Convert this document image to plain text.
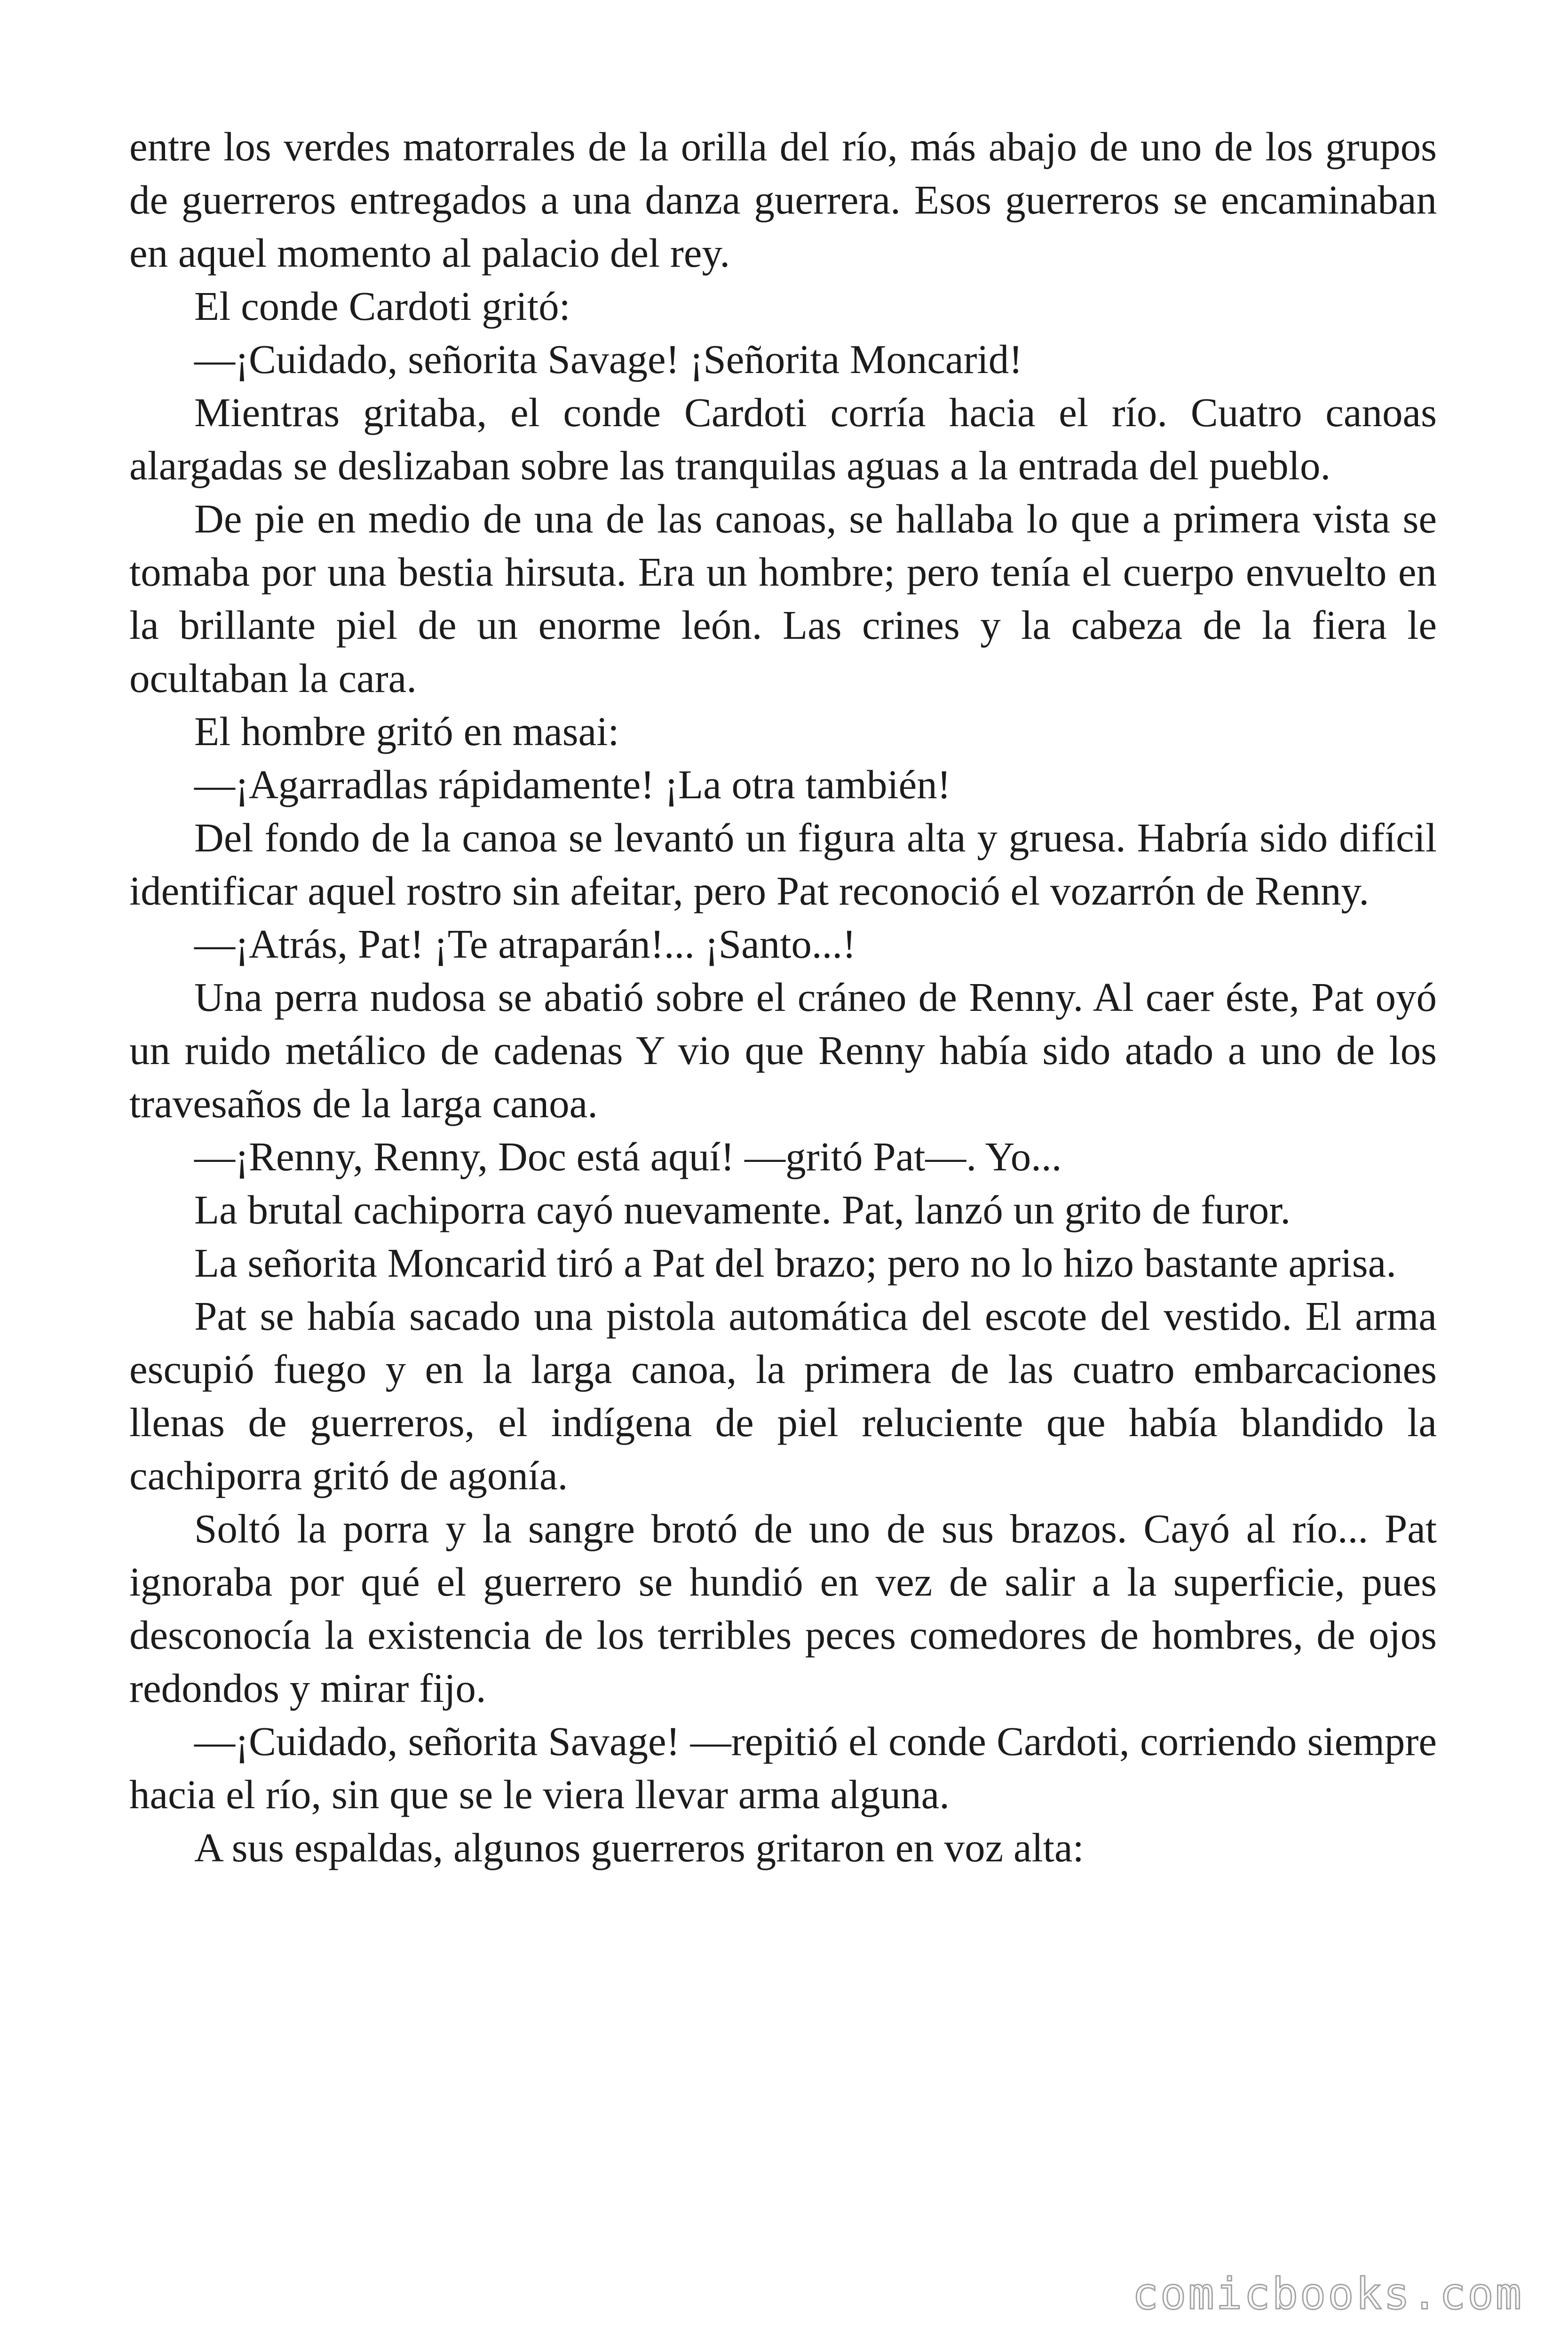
entre los verdes matorrales de la orilla del río, más abajo de uno de los grupos de guerreros entregados a una danza guerrera. Esos guerreros se encaminaban en aquel momento al palacio del rey.

El conde Cardoti gritó:

—¡Cuidado, señorita Savage! ¡Señorita Moncarid!

Mientras gritaba, el conde Cardoti corría hacia el río. Cuatro canoas alargadas se deslizaban sobre las tranquilas aguas a la entrada del pueblo.

De pie en medio de una de las canoas, se hallaba lo que a primera vista se tomaba por una bestia hirsuta. Era un hombre; pero tenía el cuerpo envuelto en la brillante piel de un enorme león. Las crines y la cabeza de la fiera le ocultaban la cara.

El hombre gritó en masai:

—¡Agarradlas rápidamente! ¡La otra también!

Del fondo de la canoa se levantó un figura alta y gruesa. Habría sido difícil identificar aquel rostro sin afeitar, pero Pat reconoció el vozarrón de Renny.

—¡Atrás, Pat! ¡Te atraparán!... ¡Santo...!

Una perra nudosa se abatió sobre el cráneo de Renny. Al caer éste, Pat oyó un ruido metálico de cadenas Y vio que Renny había sido atado a uno de los travesaños de la larga canoa.

—¡Renny, Renny, Doc está aquí! —gritó Pat—. Yo...

La brutal cachiporra cayó nuevamente. Pat, lanzó un grito de furor.

La señorita Moncarid tiró a Pat del brazo; pero no lo hizo bastante aprisa.

Pat se había sacado una pistola automática del escote del vestido. El arma escupió fuego y en la larga canoa, la primera de las cuatro embarcaciones llenas de guerreros, el indígena de piel reluciente que había blandido la cachiporra gritó de agonía.

Soltó la porra y la sangre brotó de uno de sus brazos. Cayó al río... Pat ignoraba por qué el guerrero se hundió en vez de salir a la superficie, pues desconocía la existencia de los terribles peces comedores de hombres, de ojos redondos y mirar fijo.

—¡Cuidado, señorita Savage! —repitió el conde Cardoti, corriendo siempre hacia el río, sin que se le viera llevar arma alguna.

A sus espaldas, algunos guerreros gritaron en voz alta:

comicbooks.com
